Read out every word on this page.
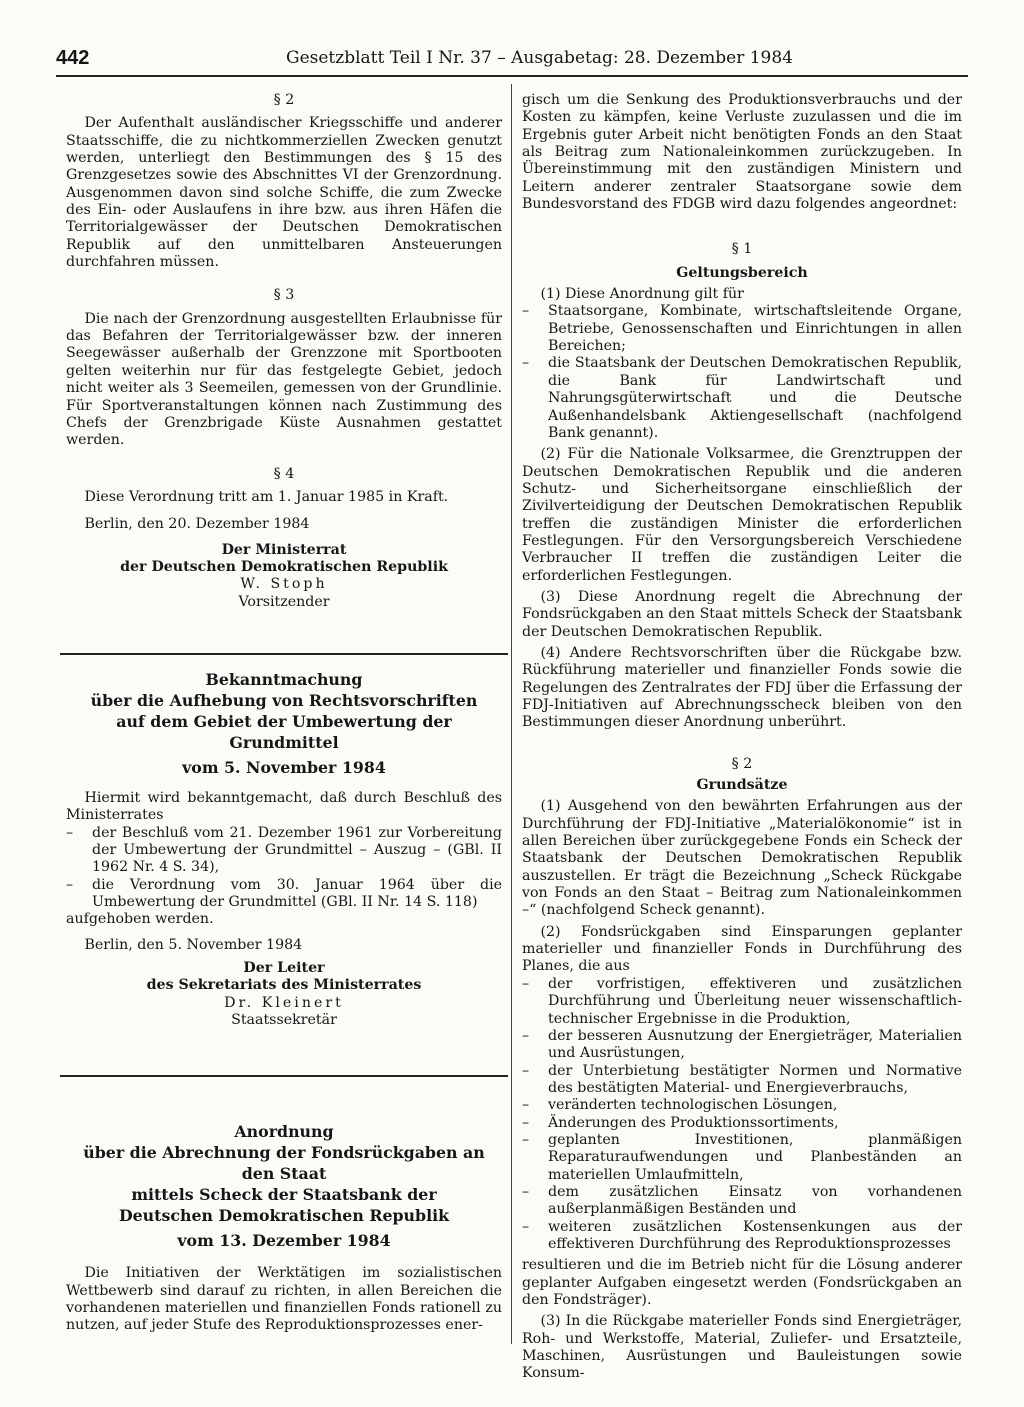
442	Gesetzblatt Teil I Nr. 37 – Ausgabetag: 28. Dezember 1984

§ 2

Der Aufenthalt ausländischer Kriegsschiffe und anderer Staatsschiffe, die zu nichtkommerziellen Zwecken genutzt werden, unterliegt den Bestimmungen des § 15 des Grenzgesetzes sowie des Abschnittes VI der Grenzordnung. Ausgenommen davon sind solche Schiffe, die zum Zwecke des Ein- oder Auslaufens in ihre bzw. aus ihren Häfen die Territorialgewässer der Deutschen Demokratischen Republik auf den unmittelbaren Ansteuerungen durchfahren müssen.

§ 3

Die nach der Grenzordnung ausgestellten Erlaubnisse für das Befahren der Territorialgewässer bzw. der inneren Seegewässer außerhalb der Grenzzone mit Sportbooten gelten weiterhin nur für das festgelegte Gebiet, jedoch nicht weiter als 3 Seemeilen, gemessen von der Grundlinie. Für Sportveranstaltungen können nach Zustimmung des Chefs der Grenzbrigade Küste Ausnahmen gestattet werden.

§ 4

Diese Verordnung tritt am 1. Januar 1985 in Kraft.

Berlin, den 20. Dezember 1984

Der Ministerrat

der Deutschen Demokratischen Republik

W. Stoph

Vorsitzender

Bekanntmachung

über die Aufhebung von Rechtsvorschriften

auf dem Gebiet der Umbewertung der Grundmittel

vom 5. November 1984

Hiermit wird bekanntgemacht, daß durch Beschluß des Ministerrates

–	der Beschluß vom 21. Dezember 1961 zur Vorbereitung der Umbewertung der Grundmittel – Auszug – (GBl. II 1962 Nr. 4 S. 34),
–	die Verordnung vom 30. Januar 1964 über die Umbewertung der Grundmittel (GBl. II Nr. 14 S. 118)

aufgehoben werden.

Berlin, den 5. November 1984

Der Leiter

des Sekretariats des Ministerrates

Dr. Kleinert

Staatssekretär

Anordnung

über die Abrechnung der Fondsrückgaben an den Staat

mittels Scheck der Staatsbank der

Deutschen Demokratischen Republik

vom 13. Dezember 1984

Die Initiativen der Werktätigen im sozialistischen Wettbewerb sind darauf zu richten, in allen Bereichen die vorhandenen materiellen und finanziellen Fonds rationell zu nutzen, auf jeder Stufe des Reproduktionsprozesses ener-

gisch um die Senkung des Produktionsverbrauchs und der Kosten zu kämpfen, keine Verluste zuzulassen und die im Ergebnis guter Arbeit nicht benötigten Fonds an den Staat als Beitrag zum Nationaleinkommen zurückzugeben. In Übereinstimmung mit den zuständigen Ministern und Leitern anderer zentraler Staatsorgane sowie dem Bundesvorstand des FDGB wird dazu folgendes angeordnet:

§ 1

Geltungsbereich

(1) Diese Anordnung gilt für

–	Staatsorgane, Kombinate, wirtschaftsleitende Organe, Betriebe, Genossenschaften und Einrichtungen in allen Bereichen;
–	die Staatsbank der Deutschen Demokratischen Republik, die Bank für Landwirtschaft und Nahrungsgüterwirtschaft und die Deutsche Außenhandelsbank Aktiengesellschaft (nachfolgend Bank genannt).

(2) Für die Nationale Volksarmee, die Grenztruppen der Deutschen Demokratischen Republik und die anderen Schutz- und Sicherheitsorgane einschließlich der Zivilverteidigung der Deutschen Demokratischen Republik treffen die zuständigen Minister die erforderlichen Festlegungen. Für den Versorgungsbereich Verschiedene Verbraucher II treffen die zuständigen Leiter die erforderlichen Festlegungen.

(3) Diese Anordnung regelt die Abrechnung der Fondsrückgaben an den Staat mittels Scheck der Staatsbank der Deutschen Demokratischen Republik.

(4) Andere Rechtsvorschriften über die Rückgabe bzw. Rückführung materieller und finanzieller Fonds sowie die Regelungen des Zentralrates der FDJ über die Erfassung der FDJ-Initiativen auf Abrechnungsscheck bleiben von den Bestimmungen dieser Anordnung unberührt.

§ 2

Grundsätze

(1) Ausgehend von den bewährten Erfahrungen aus der Durchführung der FDJ-Initiative „Materialökonomie“ ist in allen Bereichen über zurückgegebene Fonds ein Scheck der Staatsbank der Deutschen Demokratischen Republik auszustellen. Er trägt die Bezeichnung „Scheck Rückgabe von Fonds an den Staat – Beitrag zum Nationaleinkommen –“ (nachfolgend Scheck genannt).

(2) Fondsrückgaben sind Einsparungen geplanter materieller und finanzieller Fonds in Durchführung des Planes, die aus

–	der vorfristigen, effektiveren und zusätzlichen Durchführung und Überleitung neuer wissenschaftlich-technischer Ergebnisse in die Produktion,
–	der besseren Ausnutzung der Energieträger, Materialien und Ausrüstungen,
–	der Unterbietung bestätigter Normen und Normative des bestätigten Material- und Energieverbrauchs,
–	veränderten technologischen Lösungen,
–	Änderungen des Produktionssortiments,
–	geplanten Investitionen, planmäßigen Reparaturaufwendungen und Planbeständen an materiellen Umlaufmitteln,
–	dem zusätzlichen Einsatz von vorhandenen außerplanmäßigen Beständen und
–	weiteren zusätzlichen Kostensenkungen aus der effektiveren Durchführung des Reproduktionsprozesses

resultieren und die im Betrieb nicht für die Lösung anderer geplanter Aufgaben eingesetzt werden (Fondsrückgaben an den Fondsträger).

(3) In die Rückgabe materieller Fonds sind Energieträger, Roh- und Werkstoffe, Material, Zuliefer- und Ersatzteile, Maschinen, Ausrüstungen und Bauleistungen sowie Konsum-
